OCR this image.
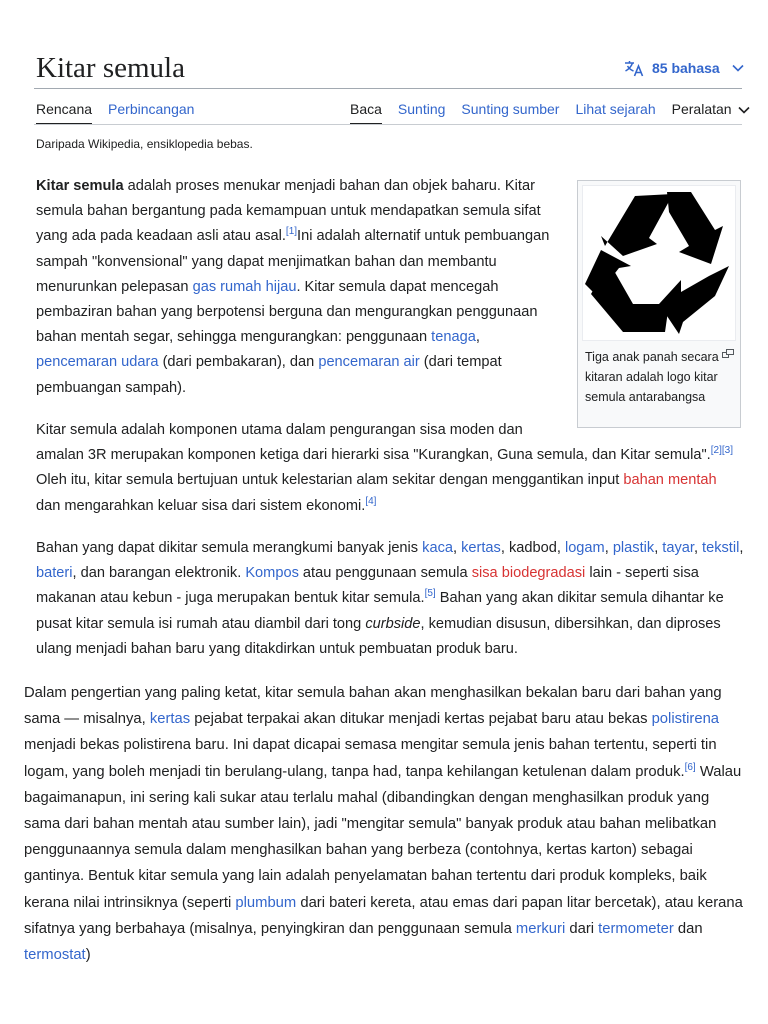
Kitar semula	85 bahasa
Rencana Perbincangan	Baca Sunting Sunting sumber Lihat sejarah Peralatan
Daripada Wikipedia, ensiklopedia bebas.
Tiga anak panah secara kitaran adalah logo kitar semula antarabangsa

Kitar semula adalah proses menukar menjadi bahan dan objek baharu. Kitar semula bahan bergantung pada kemampuan untuk mendapatkan semula sifat yang ada pada keadaan asli atau asal.[1]Ini adalah alternatif untuk pembuangan sampah "konvensional" yang dapat menjimatkan bahan dan membantu menurunkan pelepasan gas rumah hijau. Kitar semula dapat mencegah pembaziran bahan yang berpotensi berguna dan mengurangkan penggunaan bahan mentah segar, sehingga mengurangkan: penggunaan tenaga, pencemaran udara (dari pembakaran), dan pencemaran air (dari tempat pembuangan sampah).

Kitar semula adalah komponen utama dalam pengurangan sisa moden dan amalan 3R merupakan komponen ketiga dari hierarki sisa "Kurangkan, Guna semula, dan Kitar semula".[2][3] Oleh itu, kitar semula bertujuan untuk kelestarian alam sekitar dengan menggantikan input bahan mentah dan mengarahkan keluar sisa dari sistem ekonomi.[4]

Bahan yang dapat dikitar semula merangkumi banyak jenis kaca, kertas, kadbod, logam, plastik, tayar, tekstil, bateri, dan barangan elektronik. Kompos atau penggunaan semula sisa biodegradasi lain - seperti sisa makanan atau kebun - juga merupakan bentuk kitar semula.[5] Bahan yang akan dikitar semula dihantar ke pusat kitar semula isi rumah atau diambil dari tong curbside, kemudian disusun, dibersihkan, dan diproses ulang menjadi bahan baru yang ditakdirkan untuk pembuatan produk baru.

Dalam pengertian yang paling ketat, kitar semula bahan akan menghasilkan bekalan baru dari bahan yang sama — misalnya, kertas pejabat terpakai akan ditukar menjadi kertas pejabat baru atau bekas polistirena menjadi bekas polistirena baru. Ini dapat dicapai semasa mengitar semula jenis bahan tertentu, seperti tin logam, yang boleh menjadi tin berulang-ulang, tanpa had, tanpa kehilangan ketulenan dalam produk.[6] Walau bagaimanapun, ini sering kali sukar atau terlalu mahal (dibandingkan dengan menghasilkan produk yang sama dari bahan mentah atau sumber lain), jadi "mengitar semula" banyak produk atau bahan melibatkan penggunaannya semula dalam menghasilkan bahan yang berbeza (contohnya, kertas karton) sebagai gantinya. Bentuk kitar semula yang lain adalah penyelamatan bahan tertentu dari produk kompleks, baik kerana nilai intrinsiknya (seperti plumbum dari bateri kereta, atau emas dari papan litar bercetak), atau kerana sifatnya yang berbahaya (misalnya, penyingkiran dan penggunaan semula merkuri dari termometer dan termostat)
